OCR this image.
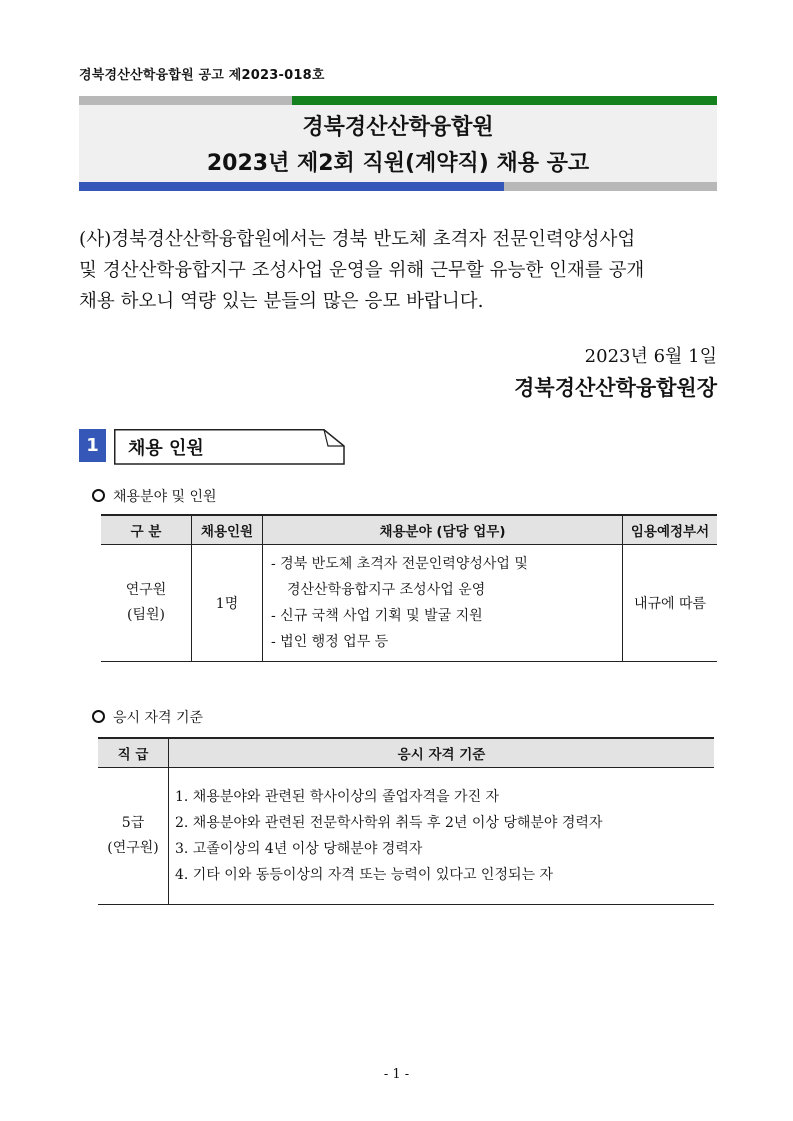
경북경산산학융합원 공고 제2023-018호
경북경산산학융합원
2023년 제2회 직원(계약직) 채용 공고
(사)경북경산산학융합원에서는 경북 반도체 초격자 전문인력양성사업
및 경산산학융합지구 조성사업 운영을 위해 근무할 유능한 인재를 공개
채용 하오니 역량 있는 분들의 많은 응모 바랍니다.
2023년 6월 1일
경북경산산학융합원장
1	채용 인원
채용분야 및 인원
구 분	채용인원	채용분야 (담당 업무)	임용예정부서

연구원
(팀원)	1명	- 경북 반도체 초격자 전문인력양성사업 및
경산산학융합지구 조성사업 운영
- 신규 국책 사업 기획 및 발굴 지원
- 법인 행정 업무 등	내규에 따름
응시 자격 기준
직 급	응시 자격 기준

5급
(연구원)	1. 채용분야와 관련된 학사이상의 졸업자격을 가진 자
2. 채용분야와 관련된 전문학사학위 취득 후 2년 이상 당해분야 경력자
3. 고졸이상의 4년 이상 당해분야 경력자
4. 기타 이와 동등이상의 자격 또는 능력이 있다고 인정되는 자
- 1 -
